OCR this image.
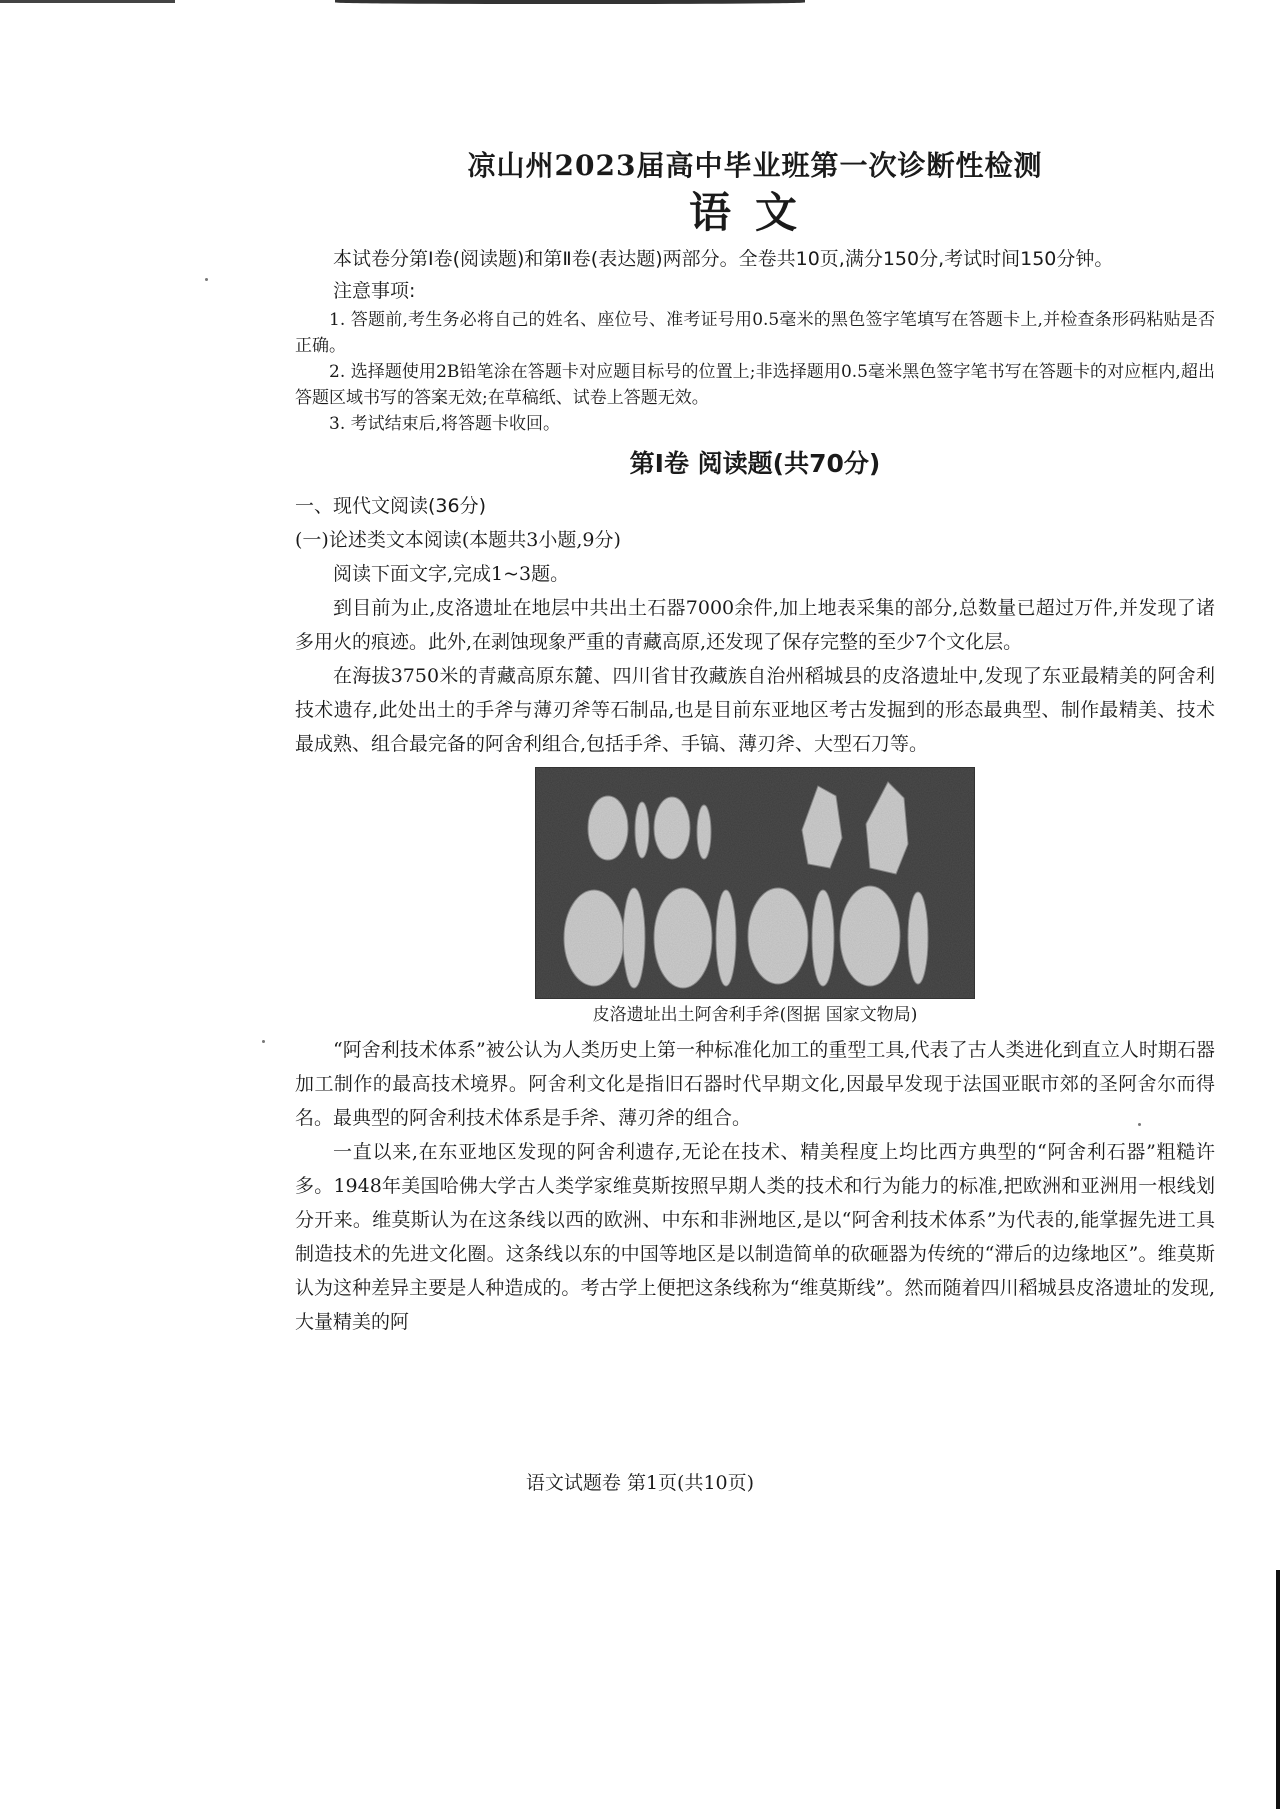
凉山州2023届高中毕业班第一次诊断性检测
语文

本试卷分第Ⅰ卷(阅读题)和第Ⅱ卷(表达题)两部分。全卷共10页,满分150分,考试时间150分钟。

注意事项:

1. 答题前,考生务必将自己的姓名、座位号、准考证号用0.5毫米的黑色签字笔填写在答题卡上,并检查条形码粘贴是否正确。

2. 选择题使用2B铅笔涂在答题卡对应题目标号的位置上;非选择题用0.5毫米黑色签字笔书写在答题卡的对应框内,超出答题区域书写的答案无效;在草稿纸、试卷上答题无效。

3. 考试结束后,将答题卡收回。

第Ⅰ卷 阅读题(共70分)

一、现代文阅读(36分)

(一)论述类文本阅读(本题共3小题,9分)

阅读下面文字,完成1~3题。

到目前为止,皮洛遗址在地层中共出土石器7000余件,加上地表采集的部分,总数量已超过万件,并发现了诸多用火的痕迹。此外,在剥蚀现象严重的青藏高原,还发现了保存完整的至少7个文化层。

在海拔3750米的青藏高原东麓、四川省甘孜藏族自治州稻城县的皮洛遗址中,发现了东亚最精美的阿舍利技术遗存,此处出土的手斧与薄刃斧等石制品,也是目前东亚地区考古发掘到的形态最典型、制作最精美、技术最成熟、组合最完备的阿舍利组合,包括手斧、手镐、薄刃斧、大型石刀等。

皮洛遗址出土阿舍利手斧(图据 国家文物局)

“阿舍利技术体系”被公认为人类历史上第一种标准化加工的重型工具,代表了古人类进化到直立人时期石器加工制作的最高技术境界。阿舍利文化是指旧石器时代早期文化,因最早发现于法国亚眠市郊的圣阿舍尔而得名。最典型的阿舍利技术体系是手斧、薄刃斧的组合。

一直以来,在东亚地区发现的阿舍利遗存,无论在技术、精美程度上均比西方典型的“阿舍利石器”粗糙许多。1948年美国哈佛大学古人类学家维莫斯按照早期人类的技术和行为能力的标准,把欧洲和亚洲用一根线划分开来。维莫斯认为在这条线以西的欧洲、中东和非洲地区,是以“阿舍利技术体系”为代表的,能掌握先进工具制造技术的先进文化圈。这条线以东的中国等地区是以制造简单的砍砸器为传统的“滞后的边缘地区”。维莫斯认为这种差异主要是人种造成的。考古学上便把这条线称为“维莫斯线”。然而随着四川稻城县皮洛遗址的发现,大量精美的阿

语文试题卷 第1页(共10页)
